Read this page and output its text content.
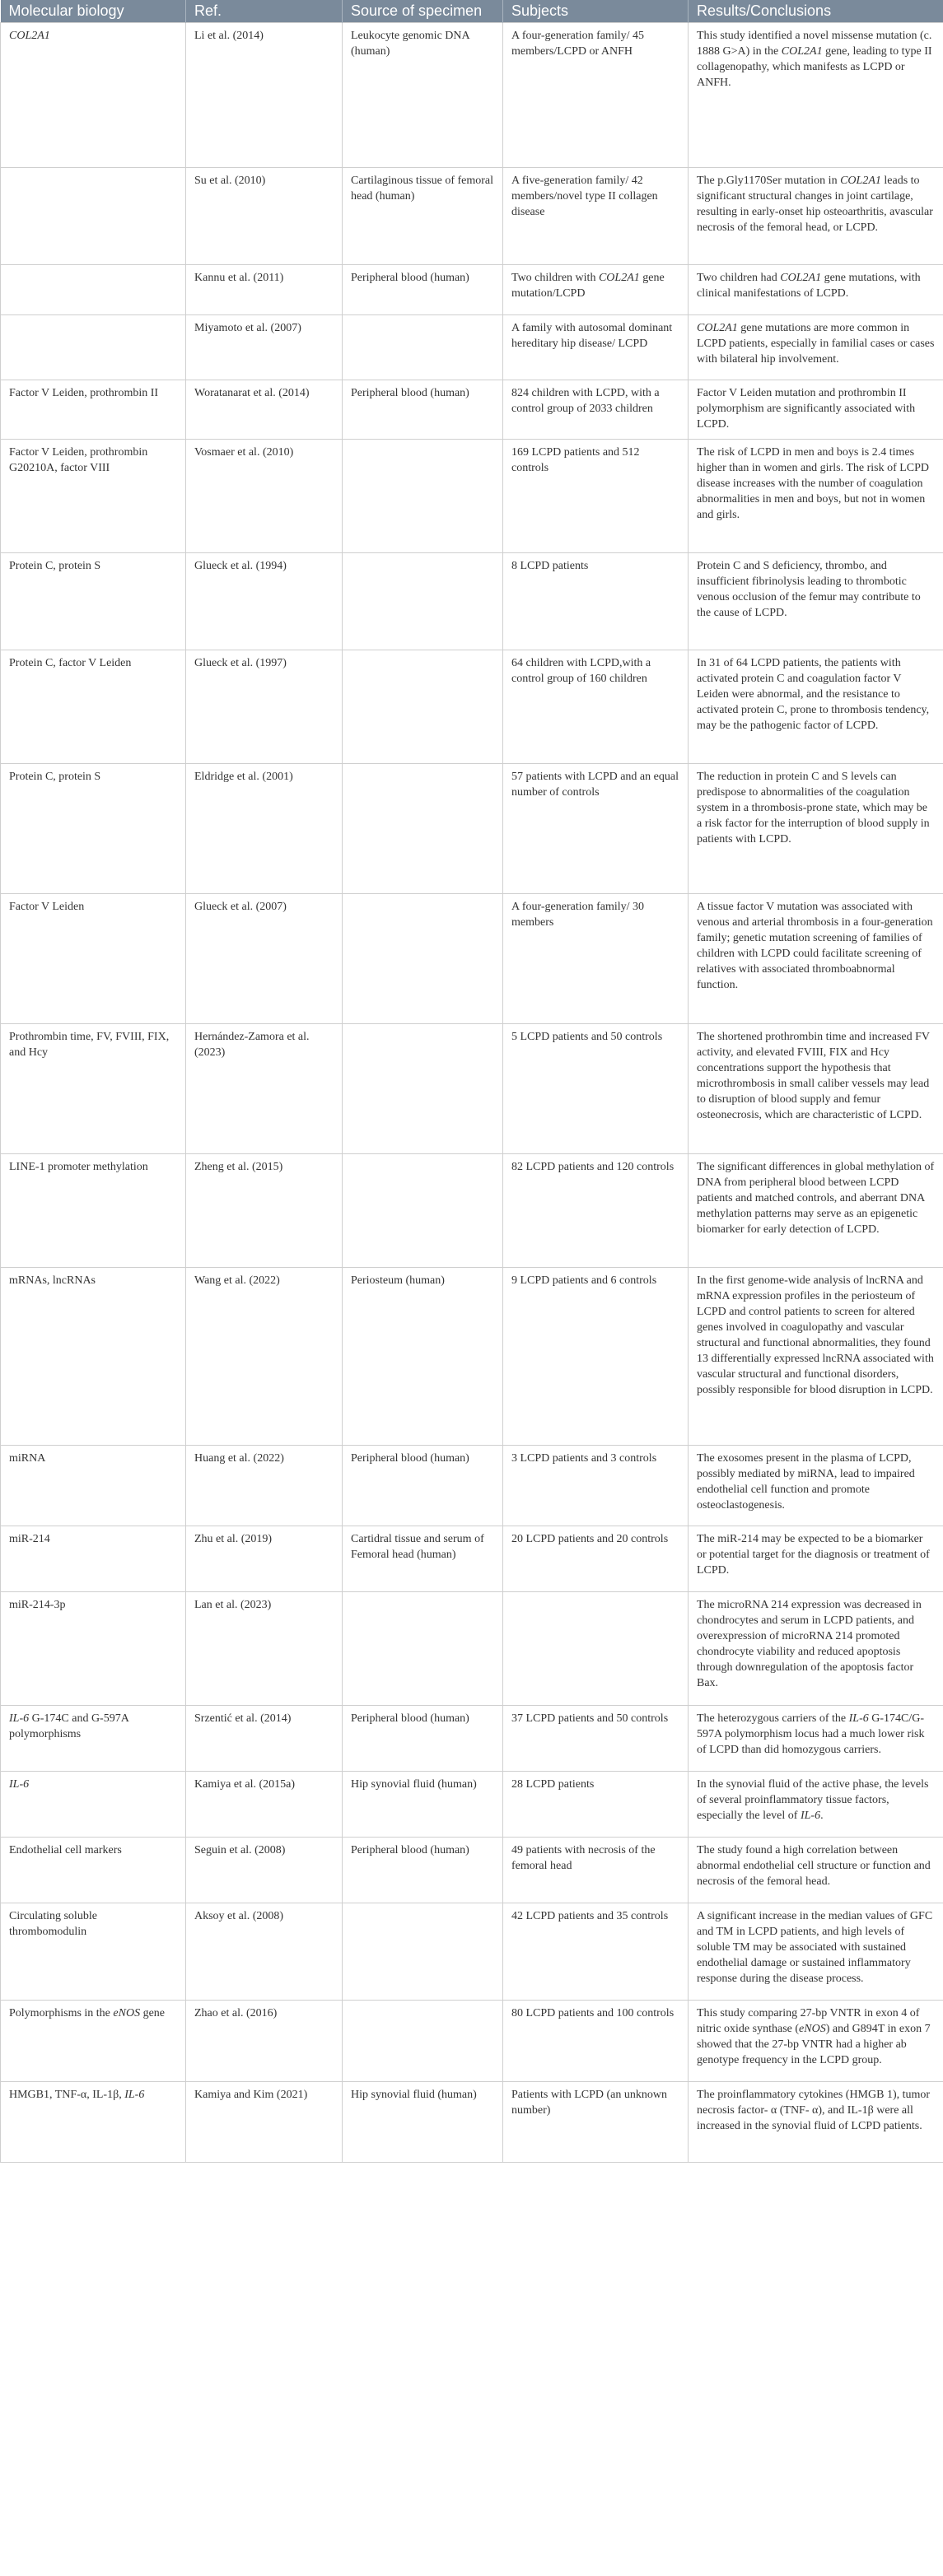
Molecular biology	Ref.	Source of specimen	Subjects	Results/Conclusions
COL2A1	Li et al. (2014)	Leukocyte genomic DNA (human)	A four-generation family/ 45 members/LCPD or ANFH	This study identified a novel missense mutation (c. 1888 G>A) in the COL2A1 gene, leading to type II collagenopathy, which manifests as LCPD or ANFH.
	Su et al. (2010)	Cartilaginous tissue of femoral head (human)	A five-generation family/ 42 members/novel type II collagen disease	The p.Gly1170Ser mutation in COL2A1 leads to significant structural changes in joint cartilage, resulting in early-onset hip osteoarthritis, avascular necrosis of the femoral head, or LCPD.
	Kannu et al. (2011)	Peripheral blood (human)	Two children with COL2A1 gene mutation/LCPD	Two children had COL2A1 gene mutations, with clinical manifestations of LCPD.
	Miyamoto et al. (2007)		A family with autosomal dominant hereditary hip disease/ LCPD	COL2A1 gene mutations are more common in LCPD patients, especially in familial cases or cases with bilateral hip involvement.
Factor V Leiden, prothrombin II	Woratanarat et al. (2014)	Peripheral blood (human)	824 children with LCPD, with a control group of 2033 children	Factor V Leiden mutation and prothrombin II polymorphism are significantly associated with LCPD.
Factor V Leiden, prothrombin G20210A, factor VIII	Vosmaer et al. (2010)		169 LCPD patients and 512 controls	The risk of LCPD in men and boys is 2.4 times higher than in women and girls. The risk of LCPD disease increases with the number of coagulation abnormalities in men and boys, but not in women and girls.
Protein C, protein S	Glueck et al. (1994)		8 LCPD patients	Protein C and S deficiency, thrombo, and insufficient fibrinolysis leading to thrombotic venous occlusion of the femur may contribute to the cause of LCPD.
Protein C, factor V Leiden	Glueck et al. (1997)		64 children with LCPD,with a control group of 160 children	In 31 of 64 LCPD patients, the patients with activated protein C and coagulation factor V Leiden were abnormal, and the resistance to activated protein C, prone to thrombosis tendency, may be the pathogenic factor of LCPD.
Protein C, protein S	Eldridge et al. (2001)		57 patients with LCPD and an equal number of controls	The reduction in protein C and S levels can predispose to abnormalities of the coagulation system in a thrombosis-prone state, which may be a risk factor for the interruption of blood supply in patients with LCPD.
Factor V Leiden	Glueck et al. (2007)		A four-generation family/ 30 members	A tissue factor V mutation was associated with venous and arterial thrombosis in a four-generation family; genetic mutation screening of families of children with LCPD could facilitate screening of relatives with associated thromboabnormal function.
Prothrombin time, FV, FVIII, FIX, and Hcy	Hernández-Zamora et al. (2023)		5 LCPD patients and 50 controls	The shortened prothrombin time and increased FV activity, and elevated FVIII, FIX and Hcy concentrations support the hypothesis that microthrombosis in small caliber vessels may lead to disruption of blood supply and femur osteonecrosis, which are characteristic of LCPD.
LINE-1 promoter methylation	Zheng et al. (2015)		82 LCPD patients and 120 controls	The significant differences in global methylation of DNA from peripheral blood between LCPD patients and matched controls, and aberrant DNA methylation patterns may serve as an epigenetic biomarker for early detection of LCPD.
mRNAs, lncRNAs	Wang et al. (2022)	Periosteum (human)	9 LCPD patients and 6 controls	In the first genome-wide analysis of lncRNA and mRNA expression profiles in the periosteum of LCPD and control patients to screen for altered genes involved in coagulopathy and vascular structural and functional abnormalities, they found 13 differentially expressed lncRNA associated with vascular structural and functional disorders, possibly responsible for blood disruption in LCPD.
miRNA	Huang et al. (2022)	Peripheral blood (human)	3 LCPD patients and 3 controls	The exosomes present in the plasma of LCPD, possibly mediated by miRNA, lead to impaired endothelial cell function and promote osteoclastogenesis.
miR-214	Zhu et al. (2019)	Cartidral tissue and serum of Femoral head (human)	20 LCPD patients and 20 controls	The miR-214 may be expected to be a biomarker or potential target for the diagnosis or treatment of LCPD.
miR-214-3p	Lan et al. (2023)			The microRNA 214 expression was decreased in chondrocytes and serum in LCPD patients, and overexpression of microRNA 214 promoted chondrocyte viability and reduced apoptosis through downregulation of the apoptosis factor Bax.
IL-6 G-174C and G-597A polymorphisms	Srzentić et al. (2014)	Peripheral blood (human)	37 LCPD patients and 50 controls	The heterozygous carriers of the IL-6 G-174C/G-597A polymorphism locus had a much lower risk of LCPD than did homozygous carriers.
IL-6	Kamiya et al. (2015a)	Hip synovial fluid (human)	28 LCPD patients	In the synovial fluid of the active phase, the levels of several proinflammatory tissue factors, especially the level of IL-6.
Endothelial cell markers	Seguin et al. (2008)	Peripheral blood (human)	49 patients with necrosis of the femoral head	The study found a high correlation between abnormal endothelial cell structure or function and necrosis of the femoral head.
Circulating soluble thrombomodulin	Aksoy et al. (2008)		42 LCPD patients and 35 controls	A significant increase in the median values of GFC and TM in LCPD patients, and high levels of soluble TM may be associated with sustained endothelial damage or sustained inflammatory response during the disease process.
Polymorphisms in the eNOS gene	Zhao et al. (2016)		80 LCPD patients and 100 controls	This study comparing 27-bp VNTR in exon 4 of nitric oxide synthase (eNOS) and G894T in exon 7 showed that the 27-bp VNTR had a higher ab genotype frequency in the LCPD group.
HMGB1, TNF-α, IL-1β, IL-6	Kamiya and Kim (2021)	Hip synovial fluid (human)	Patients with LCPD (an unknown number)	The proinflammatory cytokines (HMGB 1), tumor necrosis factor- α (TNF- α), and IL-1β were all increased in the synovial fluid of LCPD patients.
